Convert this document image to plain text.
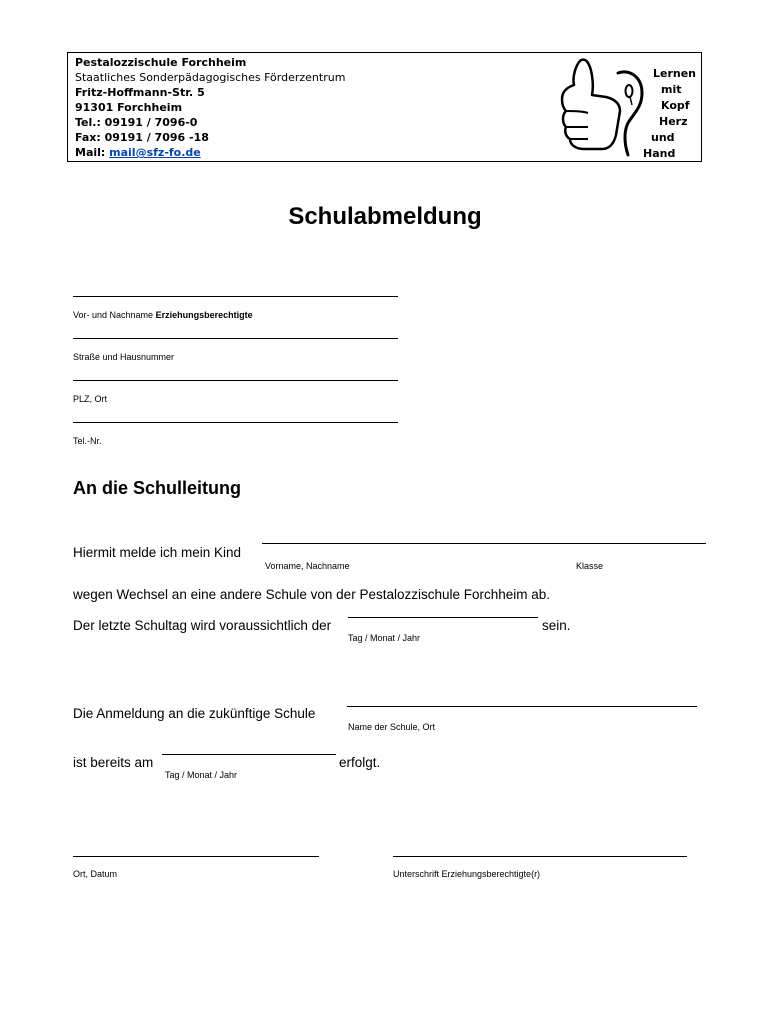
Pestalozzischule Forchheim
Staatliches Sonderpädagogisches Förderzentrum
Fritz-Hoffmann-Str. 5
91301 Forchheim
Tel.: 09191 / 7096-0
Fax: 09191 / 7096 -18
Mail: mail@sfz-fo.de
Lernen
mit
Kopf
Herz
und
Hand
Schulabmeldung
Vor- und Nachname Erziehungsberechtigte
Straße und Hausnummer
PLZ, Ort
Tel.-Nr.
An die Schulleitung
Hiermit melde ich mein Kind
Vorname, Nachname	Klasse
wegen Wechsel an eine andere Schule von der Pestalozzischule Forchheim ab.
Der letzte Schultag wird voraussichtlich der	sein.
Tag / Monat / Jahr
Die Anmeldung an die zukünftige Schule
Name der Schule, Ort
ist bereits am	erfolgt.
Tag / Monat / Jahr
Ort, Datum	Unterschrift Erziehungsberechtigte(r)
